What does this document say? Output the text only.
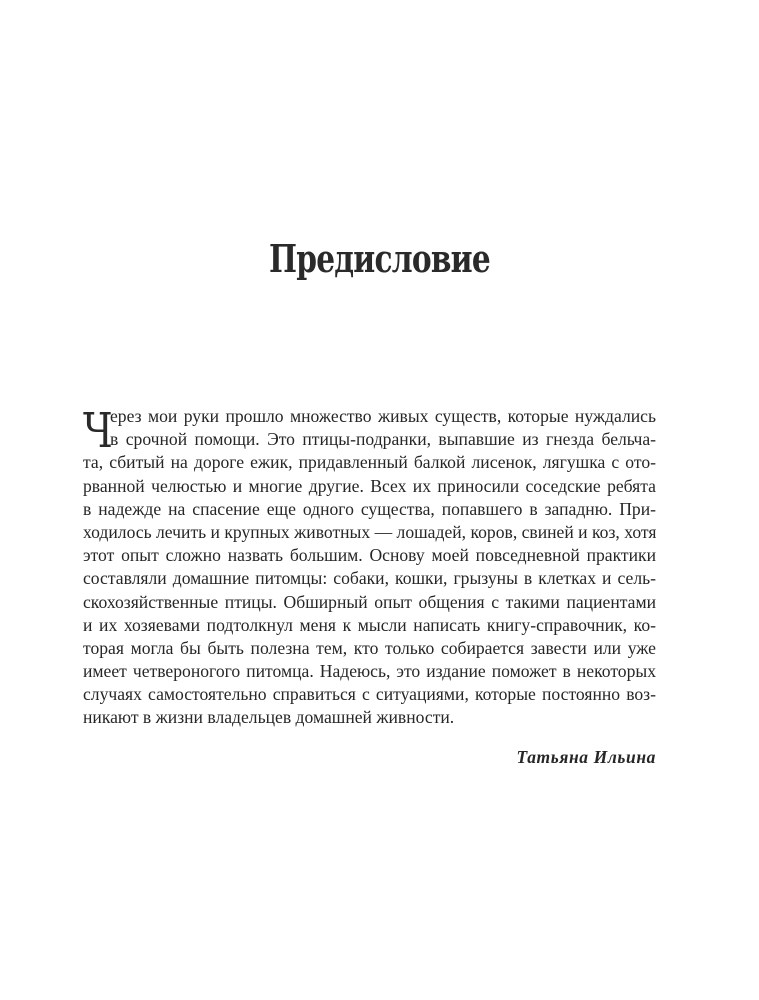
Предисловие
Ч
ерез мои руки прошло множество живых существ, которые нуждались
в срочной помощи. Это птицы-подранки, выпавшие из гнезда бельча-
та, сбитый на дороге ежик, придавленный балкой лисенок, лягушка с ото-
рванной челюстью и многие другие. Всех их приносили соседские ребята
в надежде на спасение еще одного существа, попавшего в западню. При-
ходилось лечить и крупных животных — лошадей, коров, свиней и коз, хотя
этот опыт сложно назвать большим. Основу моей повседневной практики
составляли домашние питомцы: собаки, кошки, грызуны в клетках и сель-
скохозяйственные птицы. Обширный опыт общения с такими пациентами
и их хозяевами подтолкнул меня к мысли написать книгу-справочник, ко-
торая могла бы быть полезна тем, кто только собирается завести или уже
имеет четвероногого питомца. Надеюсь, это издание поможет в некоторых
случаях самостоятельно справиться с ситуациями, которые постоянно воз-
никают в жизни владельцев домашней живности.
Татьяна Ильина
